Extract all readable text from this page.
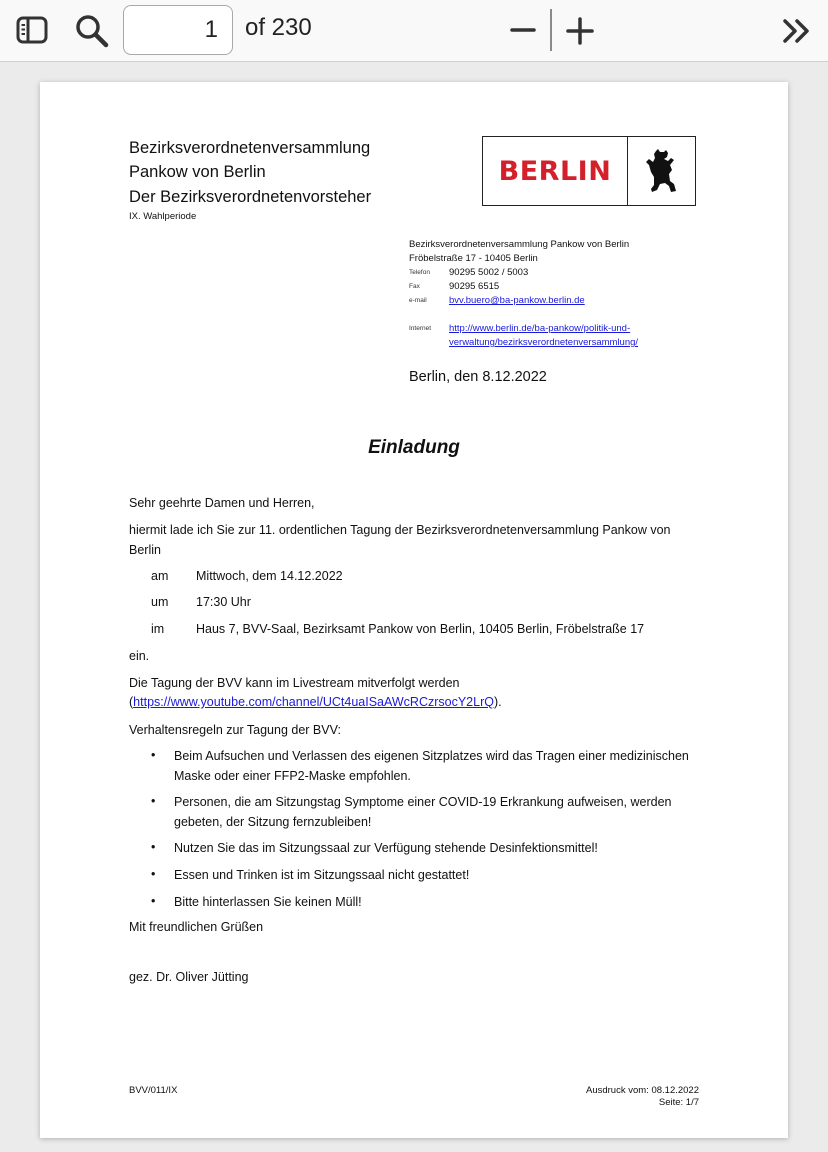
1
of 230
Bezirksverordnetenversammlung
Pankow von Berlin
Der Bezirksverordnetenvorsteher
IX. Wahlperiode
BERLIN
Bezirksverordnetenversammlung Pankow von Berlin
Fröbelstraße 17 - 10405 Berlin
Telefon 90295 5002 / 5003
Fax	90295 6515
e-mail bvv.buero@ba-pankow.berlin.de
Internet http://www.berlin.de/ba-pankow/politik-und-
verwaltung/bezirksverordnetenversammlung/
Berlin, den 8.12.2022
Einladung
Sehr geehrte Damen und Herren,
hiermit lade ich Sie zur 11. ordentlichen Tagung der Bezirksverordnetenversammlung Pankow von
Berlin
am Mittwoch, dem 14.12.2022
um 17:30 Uhr
im	Haus 7, BVV-Saal, Bezirksamt Pankow von Berlin, 10405 Berlin, Fröbelstraße 17
ein.
Die Tagung der BVV kann im Livestream mitverfolgt werden
(https://www.youtube.com/channel/UCt4uaISaAWcRCzrsocY2LrQ).
Verhaltensregeln zur Tagung der BVV:
• Beim Aufsuchen und Verlassen des eigenen Sitzplatzes wird das Tragen einer medizinischen
Maske oder einer FFP2-Maske empfohlen.
• Personen, die am Sitzungstag Symptome einer COVID-19 Erkrankung aufweisen, werden
gebeten, der Sitzung fernzubleiben!
• Nutzen Sie das im Sitzungssaal zur Verfügung stehende Desinfektionsmittel!
• Essen und Trinken ist im Sitzungssaal nicht gestattet!
• Bitte hinterlassen Sie keinen Müll!
Mit freundlichen Grüßen
gez. Dr. Oliver Jütting
BVV/011/IX	Ausdruck vom: 08.12.2022
Seite: 1/7
